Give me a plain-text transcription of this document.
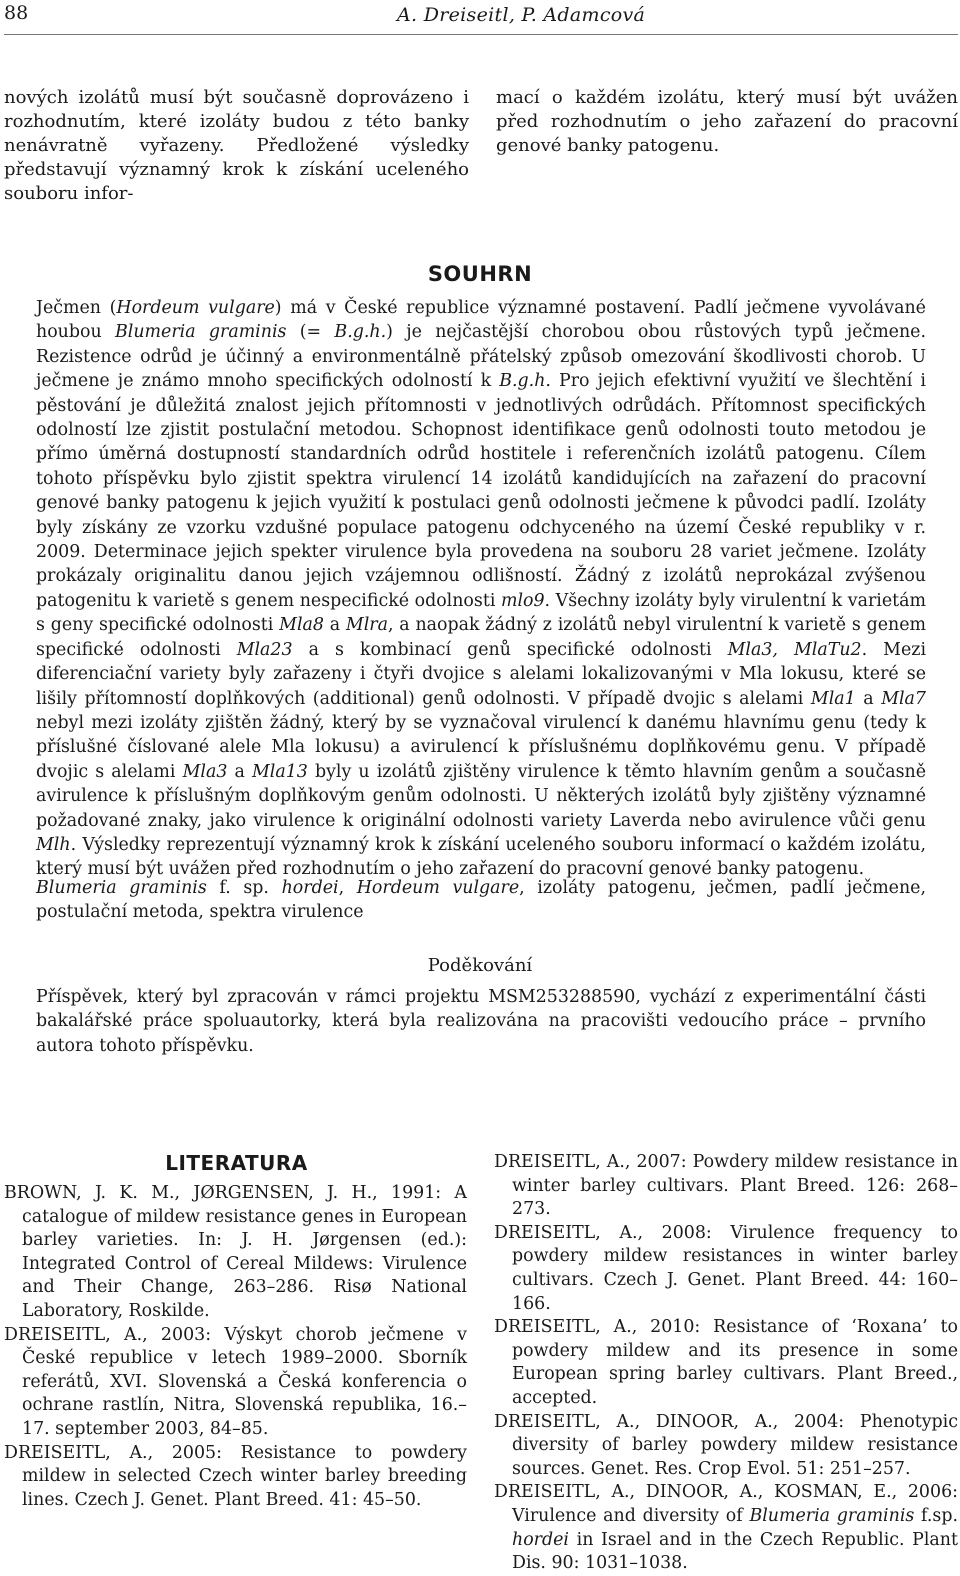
88	A. Dreiseitl, P. Adamcová
nových izolátů musí být současně doprovázeno i rozhodnutím, které izoláty budou z této banky nenávratně vyřazeny. Předložené výsledky představují významný krok k získání uceleného souboru infor-
mací o každém izolátu, který musí být uvážen před rozhodnutím o jeho zařazení do pracovní genové banky patogenu.
SOUHRN

Ječmen (Hordeum vulgare) má v České republice významné postavení. Padlí ječmene vyvolávané houbou Blumeria graminis (= B.g.h.) je nejčastější chorobou obou růstových typů ječmene. Rezistence odrůd je účinný a environmentálně přátelský způsob omezování škodlivosti chorob. U ječmene je známo mnoho specifických odolností k B.g.h. Pro jejich efektivní využití ve šlechtění i pěstování je důležitá znalost jejich přítomnosti v jednotlivých odrůdách. Přítomnost specifických odolností lze zjistit postulační metodou. Schopnost identifikace genů odolnosti touto metodou je přímo úměrná dostupností standardních odrůd hostitele i referenčních izolátů patogenu. Cílem tohoto příspěvku bylo zjistit spektra virulencí 14 izolátů kandidujících na zařazení do pracovní genové banky patogenu k jejich využití k postulaci genů odolnosti ječmene k původci padlí. Izoláty byly získány ze vzorku vzdušné populace patogenu odchyceného na území České republiky v r. 2009. Determinace jejich spekter virulence byla provedena na souboru 28 variet ječmene. Izoláty prokázaly originalitu danou jejich vzájemnou odlišností. Žádný z izolátů neprokázal zvýšenou patogenitu k varietě s genem nespecifické odolnosti mlo9. Všechny izoláty byly virulentní k varietám s geny specifické odolnosti Mla8 a Mlra, a naopak žádný z izolátů nebyl virulentní k varietě s genem specifické odolnosti Mla23 a s kombinací genů specifické odolnosti Mla3, MlaTu2. Mezi diferenciační variety byly zařazeny i čtyři dvojice s alelami lokalizovanými v Mla lokusu, které se lišily přítomností doplňkových (additional) genů odolnosti. V případě dvojic s alelami Mla1 a Mla7 nebyl mezi izoláty zjištěn žádný, který by se vyznačoval virulencí k danému hlavnímu genu (tedy k příslušné číslované alele Mla lokusu) a avirulencí k příslušnému doplňkovému genu. V případě dvojic s alelami Mla3 a Mla13 byly u izolátů zjištěny virulence k těmto hlavním genům a současně avirulence k příslušným doplňkovým genům odolnosti. U některých izolátů byly zjištěny významné požadované znaky, jako virulence k originální odolnosti variety Laverda nebo avirulence vůči genu Mlh. Výsledky reprezentují významný krok k získání uceleného souboru informací o každém izolátu, který musí být uvážen před rozhodnutím o jeho zařazení do pracovní genové banky patogenu.

Blumeria graminis f. sp. hordei, Hordeum vulgare, izoláty patogenu, ječmen, padlí ječmene, postulační metoda, spektra virulence
Poděkování
Příspěvek, který byl zpracován v rámci projektu MSM253288590, vychází z experimentální části bakalářské práce spoluautorky, která byla realizována na pracovišti vedoucího práce – prvního autora tohoto příspěvku.
LITERATURA

BROWN, J. K. M., JØRGENSEN, J. H., 1991: A catalogue of mildew resistance genes in European barley varieties. In: J. H. Jørgensen (ed.): Integrated Control of Cereal Mildews: Virulence and Their Change, 263–286. Risø National Laboratory, Roskilde.

DREISEITL, A., 2003: Výskyt chorob ječmene v České republice v letech 1989–2000. Sborník referátů, XVI. Slovenská a Česká konferencia o ochrane rastlín, Nitra, Slovenská republika, 16.–17. september 2003, 84–85.

DREISEITL, A., 2005: Resistance to powdery mildew in selected Czech winter barley breeding lines. Czech J. Genet. Plant Breed. 41: 45–50.

DREISEITL, A., 2007: Powdery mildew resistance in winter barley cultivars. Plant Breed. 126: 268–273.

DREISEITL, A., 2008: Virulence frequency to powdery mildew resistances in winter barley cultivars. Czech J. Genet. Plant Breed. 44: 160–166.

DREISEITL, A., 2010: Resistance of ‘Roxana’ to powdery mildew and its presence in some European spring barley cultivars. Plant Breed., accepted.

DREISEITL, A., DINOOR, A., 2004: Phenotypic diversity of barley powdery mildew resistance sources. Genet. Res. Crop Evol. 51: 251–257.

DREISEITL, A., DINOOR, A., KOSMAN, E., 2006: Virulence and diversity of Blumeria graminis f.sp. hordei in Israel and in the Czech Republic. Plant Dis. 90: 1031–1038.
